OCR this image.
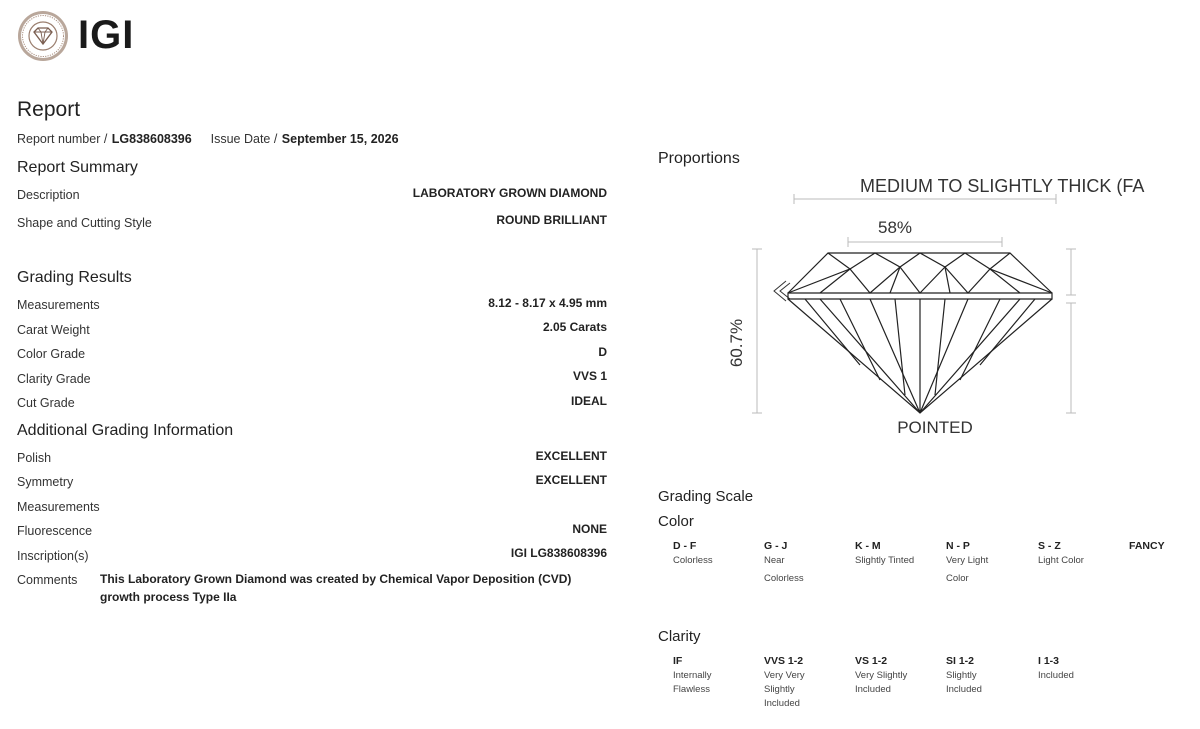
IGI
Report
Report number / LG838608396 Issue Date / September 15, 2026
Report Summary
Description	LABORATORY GROWN DIAMOND
Shape and Cutting Style	ROUND BRILLIANT
Grading Results
Measurements	8.12 - 8.17 x 4.95 mm
Carat Weight	2.05 Carats
Color Grade	D
Clarity Grade	VVS 1
Cut Grade	IDEAL
Additional Grading Information
Polish	EXCELLENT
Symmetry	EXCELLENT
Measurements
Fluorescence	NONE
Inscription(s)	IGI LG838608396
Comments This Laboratory Grown Diamond was created by Chemical Vapor Deposition (CVD) growth process Type IIa
Proportions
MEDIUM TO SLIGHTLY THICK (FA
58%
60.7%
POINTED
Grading Scale
Color
D - F
Colorless
G - J
Near Colorless
K - M
Slightly Tinted
N - P
Very Light Color
S - Z
Light Color
FANCY
Clarity
IF
Internally Flawless
VVS 1-2
Very Very Slightly Included
VS 1-2
Very Slightly Included
SI 1-2
Slightly Included
I 1-3
Included
